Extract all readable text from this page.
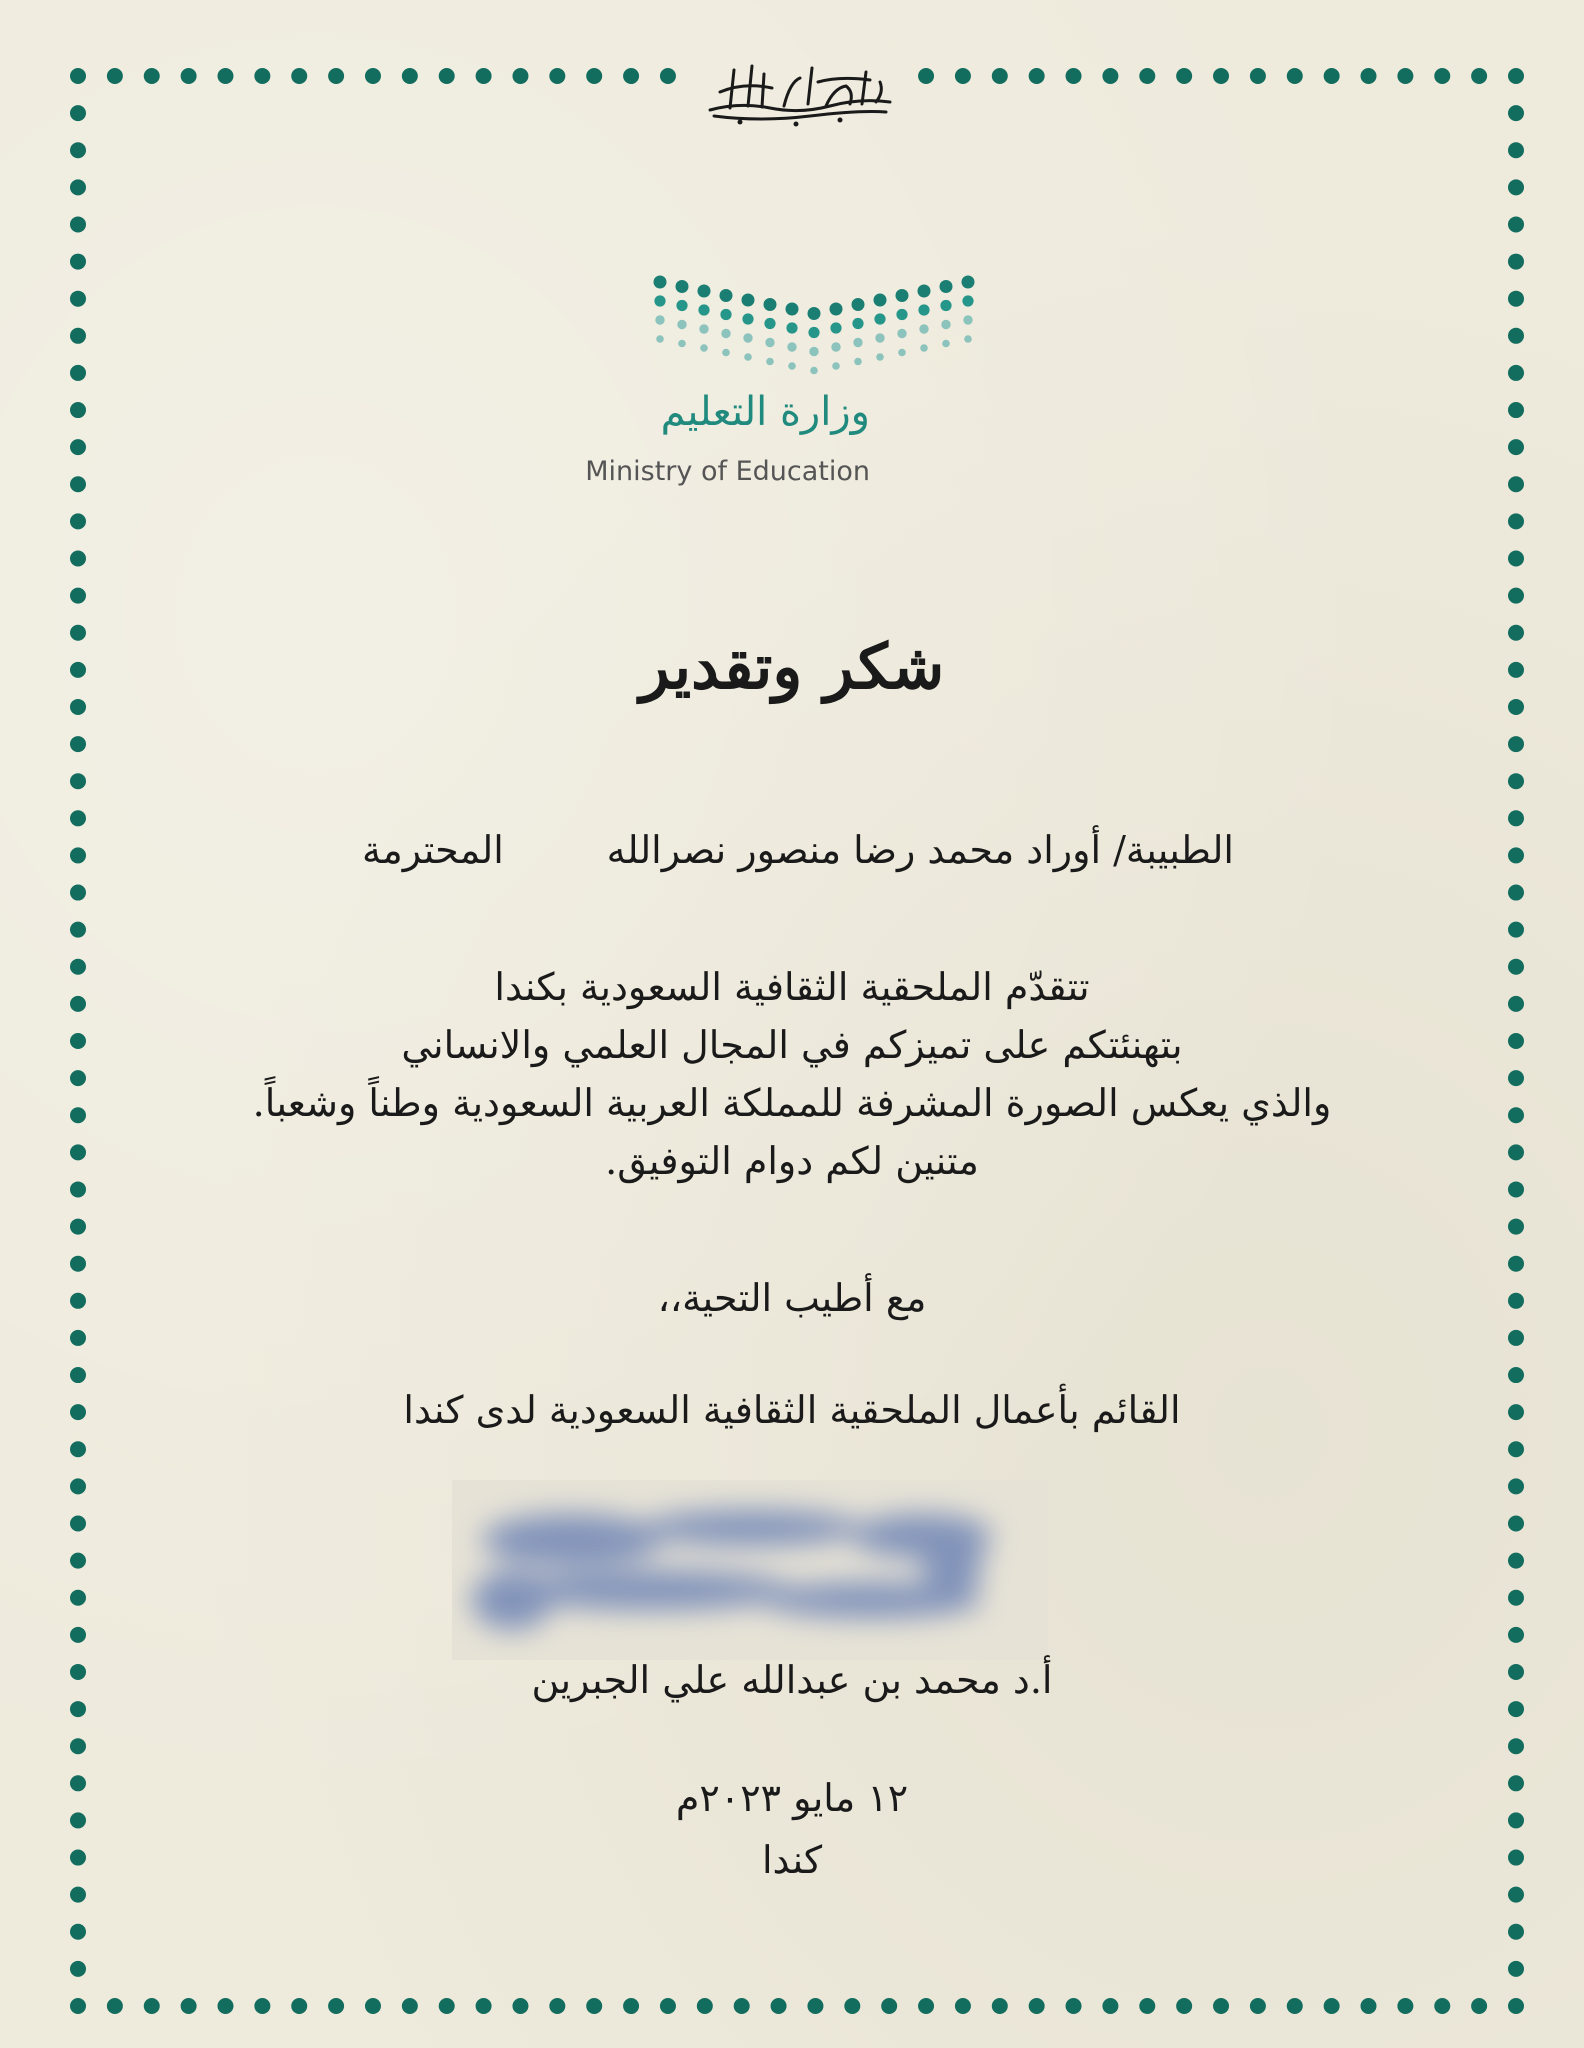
وزارة التعليم
Ministry of Education
شكر وتقدير
الطبيبة/ أوراد محمد رضا منصور نصرالله
المحترمة
تتقدّم الملحقية الثقافية السعودية بكندا
بتهنئتكم على تميزكم في المجال العلمي والانساني
والذي يعكس الصورة المشرفة للمملكة العربية السعودية وطناً وشعباً.
متنين لكم دوام التوفيق.
مع أطيب التحية،،
القائم بأعمال الملحقية الثقافية السعودية لدى كندا
أ.د محمد بن عبدالله علي الجبرين
١٢ مايو ٢٠٢٣م
كندا
